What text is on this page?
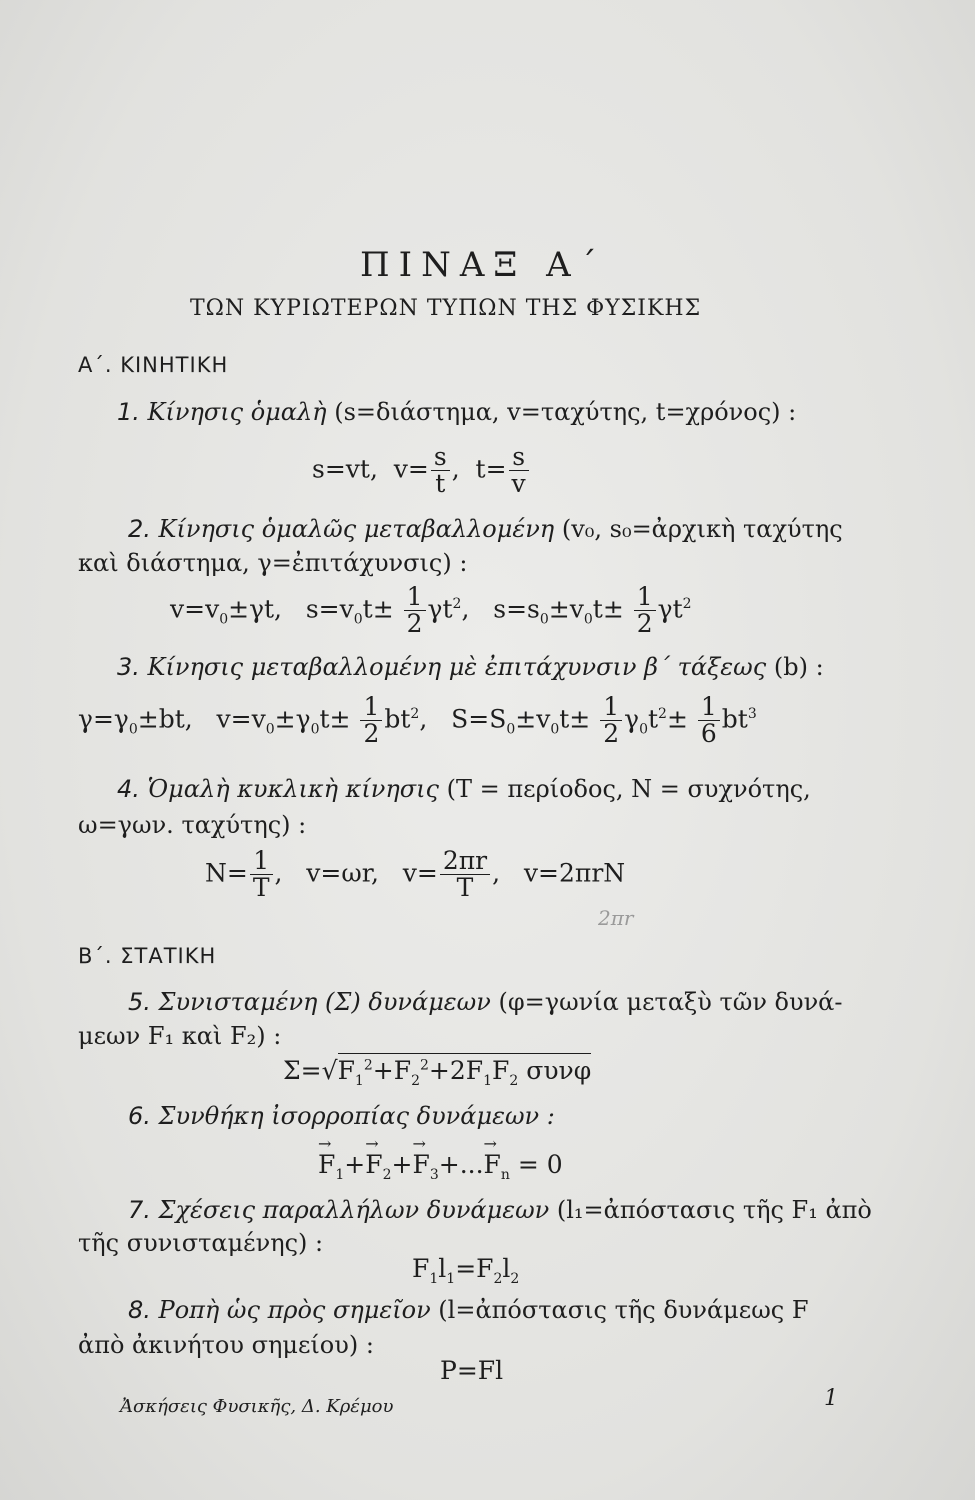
ΠΙΝΑΞ Α΄
ΤΩΝ ΚΥΡΙΩΤΕΡΩΝ ΤΥΠΩΝ ΤΗΣ ΦΥΣΙΚΗΣ
Α΄. ΚΙΝΗΤΙΚΗ
1. Κίνησις ὁμαλὴ (s=διάστημα, v=ταχύτης, t=χρόνος) :
s=vt,  $v= \frac{s}{t}$ ,  $t= \frac{s}{v}$
2. Κίνησις ὁμαλῶς μεταβαλλομένη (v₀, s₀=ἀρχικὴ ταχύτης
καὶ διάστημα, γ=ἐπιτάχυνσις) :
$v=v_0\pm\gamma t$,   $s=v_0t\pm \frac{1}{2} \gamma t^2$,   $s=s_0\pm v_0t\pm \frac{1}{2} \gamma t^2$
3. Κίνησις μεταβαλλομένη μὲ ἐπιτάχυνσιν β΄ τάξεως (b) :
$\gamma=\gamma_0\pm bt$,   $v=v_0\pm\gamma_0t\pm \frac{1}{2} bt^2$,   $S=S_0\pm v_0t\pm \frac{1}{2} \gamma_0t^2\pm \frac{1}{6} bt^3$
4. Ὁμαλὴ κυκλικὴ κίνησις (T = περίοδος, N = συχνότης,
ω=γων. ταχύτης) :
$N= \frac{1}{T}$ ,   v=ωr,   $v= \frac{2\pi r}{T}$ ,   v=2πrN
2πr
Β΄. ΣΤΑΤΙΚΗ
5. Συνισταμένη (Σ) δυνάμεων (φ=γωνία μεταξὺ τῶν δυνά-
μεων F₁ καὶ F₂) :
$\Sigma=√F_1^2+F_2^2+2F_1F_2$ συνφ
6. Συνθήκη ἰσορροπίας δυνάμεων :
→ $F_1+\to F_2+\to F_3+...\to F_n = 0$
7. Σχέσεις παραλλήλων δυνάμεων (l₁=ἀπόστασις τῆς F₁ ἀπὸ
τῆς συνισταμένης) :
$F_1l_1=F_2l_2$
8. Ροπὴ ὡς πρὸς σημεῖον (l=ἀπόστασις τῆς δυνάμεως F
ἀπὸ ἀκινήτου σημείου) :
P=Fl
Ἀσκήσεις Φυσικῆς, Δ. Κρέμου	1
